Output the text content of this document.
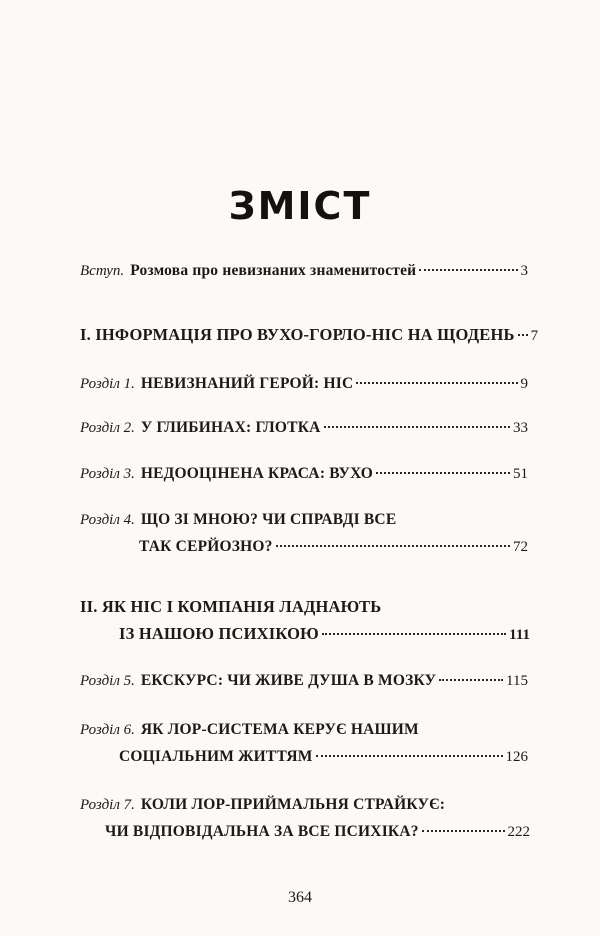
ЗМІСТ
Вступ. Розмова про невизнаних знаменитостей	3
І. ІНФОРМАЦІЯ ПРО ВУХО-ГОРЛО-НІС НА ЩОДЕНЬ 7
Розділ 1. НЕВИЗНАНИЙ ГЕРОЙ: НІС	9
Розділ 2. У ГЛИБИНАХ: ГЛОТКА	33
Розділ 3. НЕДООЦІНЕНА КРАСА: ВУХО	51
Розділ 4. ЩО ЗІ МНОЮ? ЧИ СПРАВДІ ВСЕ
ТАК СЕРЙОЗНО?	72
ІІ. ЯК НІС І КОМПАНІЯ ЛАДНАЮТЬ
ІЗ НАШОЮ ПСИХІКОЮ	111
Розділ 5. ЕКСКУРС: ЧИ ЖИВЕ ДУША В МОЗКУ	115
Розділ 6. ЯК ЛОР-СИСТЕМА КЕРУЄ НАШИМ
СОЦІАЛЬНИМ ЖИТТЯМ	126
Розділ 7. КОЛИ ЛОР-ПРИЙМАЛЬНЯ СТРАЙКУЄ:
ЧИ ВІДПОВІДАЛЬНА ЗА ВСЕ ПСИХІКА?	222
364
